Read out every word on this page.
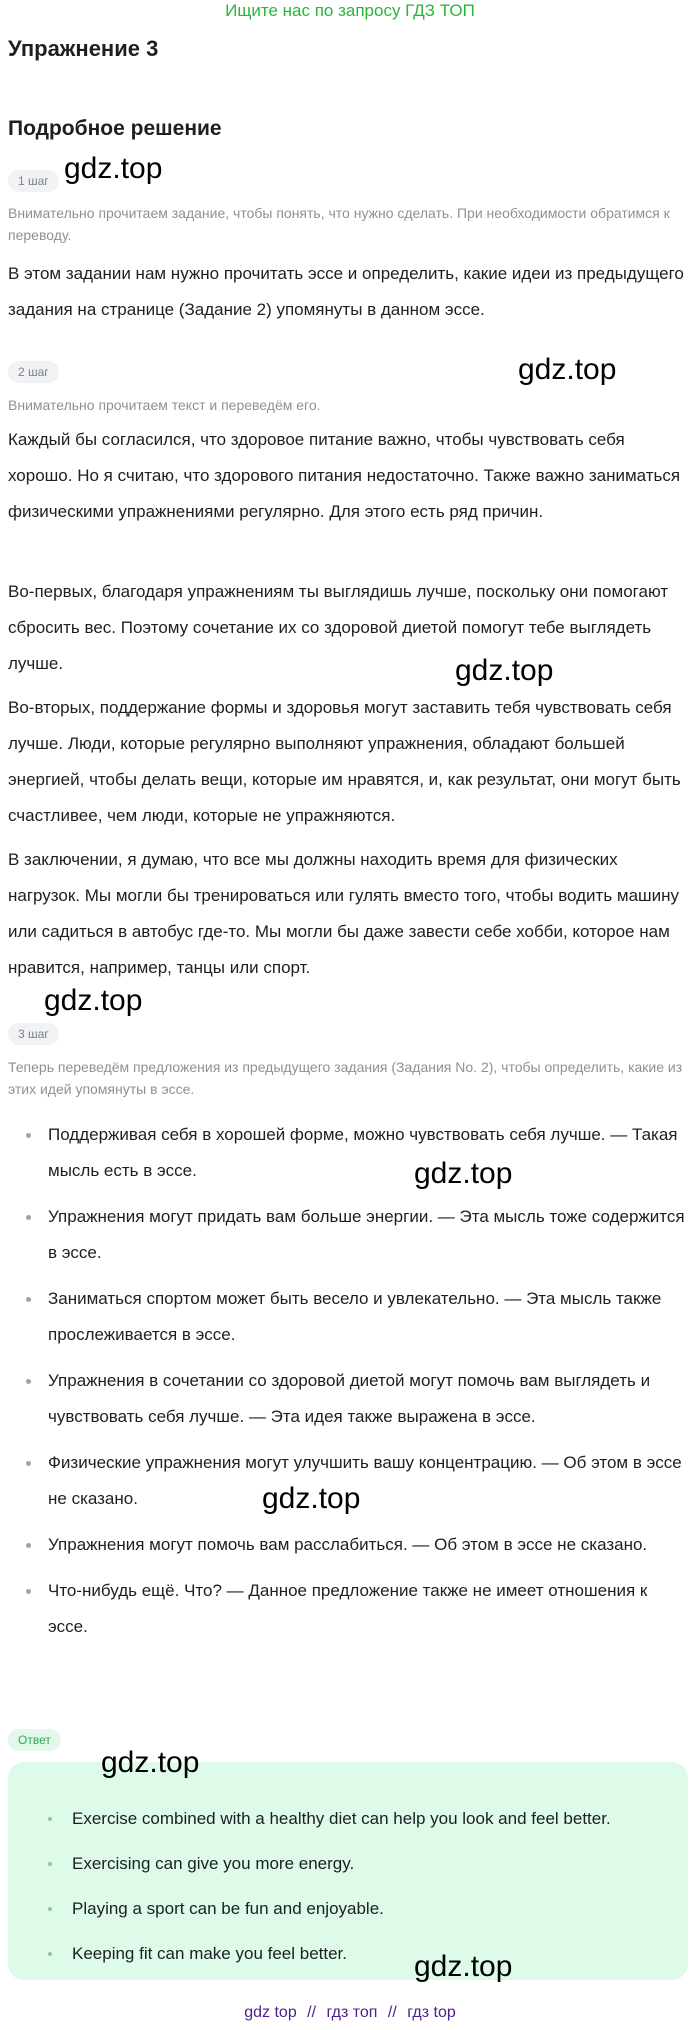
Ищите нас по запросу ГДЗ ТОП
Упражнение 3
Подробное решение
1 шаг
Внимательно прочитаем задание, чтобы понять, что нужно сделать. При необходимости обратимся к переводу.
В этом задании нам нужно прочитать эссе и определить, какие идеи из предыдущего задания на странице (Задание 2) упомянуты в данном эссе.
2 шаг
Внимательно прочитаем текст и переведём его.
Каждый бы согласился, что здоровое питание важно, чтобы чувствовать себя хорошо. Но я считаю, что здорового питания недостаточно. Также важно заниматься физическими упражнениями регулярно. Для этого есть ряд причин.
Во-первых, благодаря упражнениям ты выглядишь лучше, поскольку они помогают сбросить вес. Поэтому сочетание их со здоровой диетой помогут тебе выглядеть лучше.
Во-вторых, поддержание формы и здоровья могут заставить тебя чувствовать себя лучше. Люди, которые регулярно выполняют упражнения, обладают большей энергией, чтобы делать вещи, которые им нравятся, и, как результат, они могут быть счастливее, чем люди, которые не упражняются.
В заключении, я думаю, что все мы должны находить время для физических нагрузок. Мы могли бы тренироваться или гулять вместо того, чтобы водить машину или садиться в автобус где-то. Мы могли бы даже завести себе хобби, которое нам нравится, например, танцы или спорт.
3 шаг
Теперь переведём предложения из предыдущего задания (Задания No. 2), чтобы определить, какие из этих идей упомянуты в эссе.
Поддерживая себя в хорошей форме, можно чувствовать себя лучше. — Такая мысль есть в эссе.
Упражнения могут придать вам больше энергии. — Эта мысль тоже содержится в эссе.
Заниматься спортом может быть весело и увлекательно. — Эта мысль также прослеживается в эссе.
Упражнения в сочетании со здоровой диетой могут помочь вам выглядеть и чувствовать себя лучше. — Эта идея также выражена в эссе.
Физические упражнения могут улучшить вашу концентрацию. — Об этом в эссе не сказано.
Упражнения могут помочь вам расслабиться. — Об этом в эссе не сказано.
Что-нибудь ещё. Что? — Данное предложение также не имеет отношения к эссе.
Ответ
Exercise combined with a healthy diet can help you look and feel better.
Exercising can give you more energy.
Playing a sport can be fun and enjoyable.
Keeping fit can make you feel better.
gdz.top
gdz.top
gdz.top
gdz.top
gdz.top
gdz.top
gdz.top
gdz.top
gdz top // гдз топ // гдз top
